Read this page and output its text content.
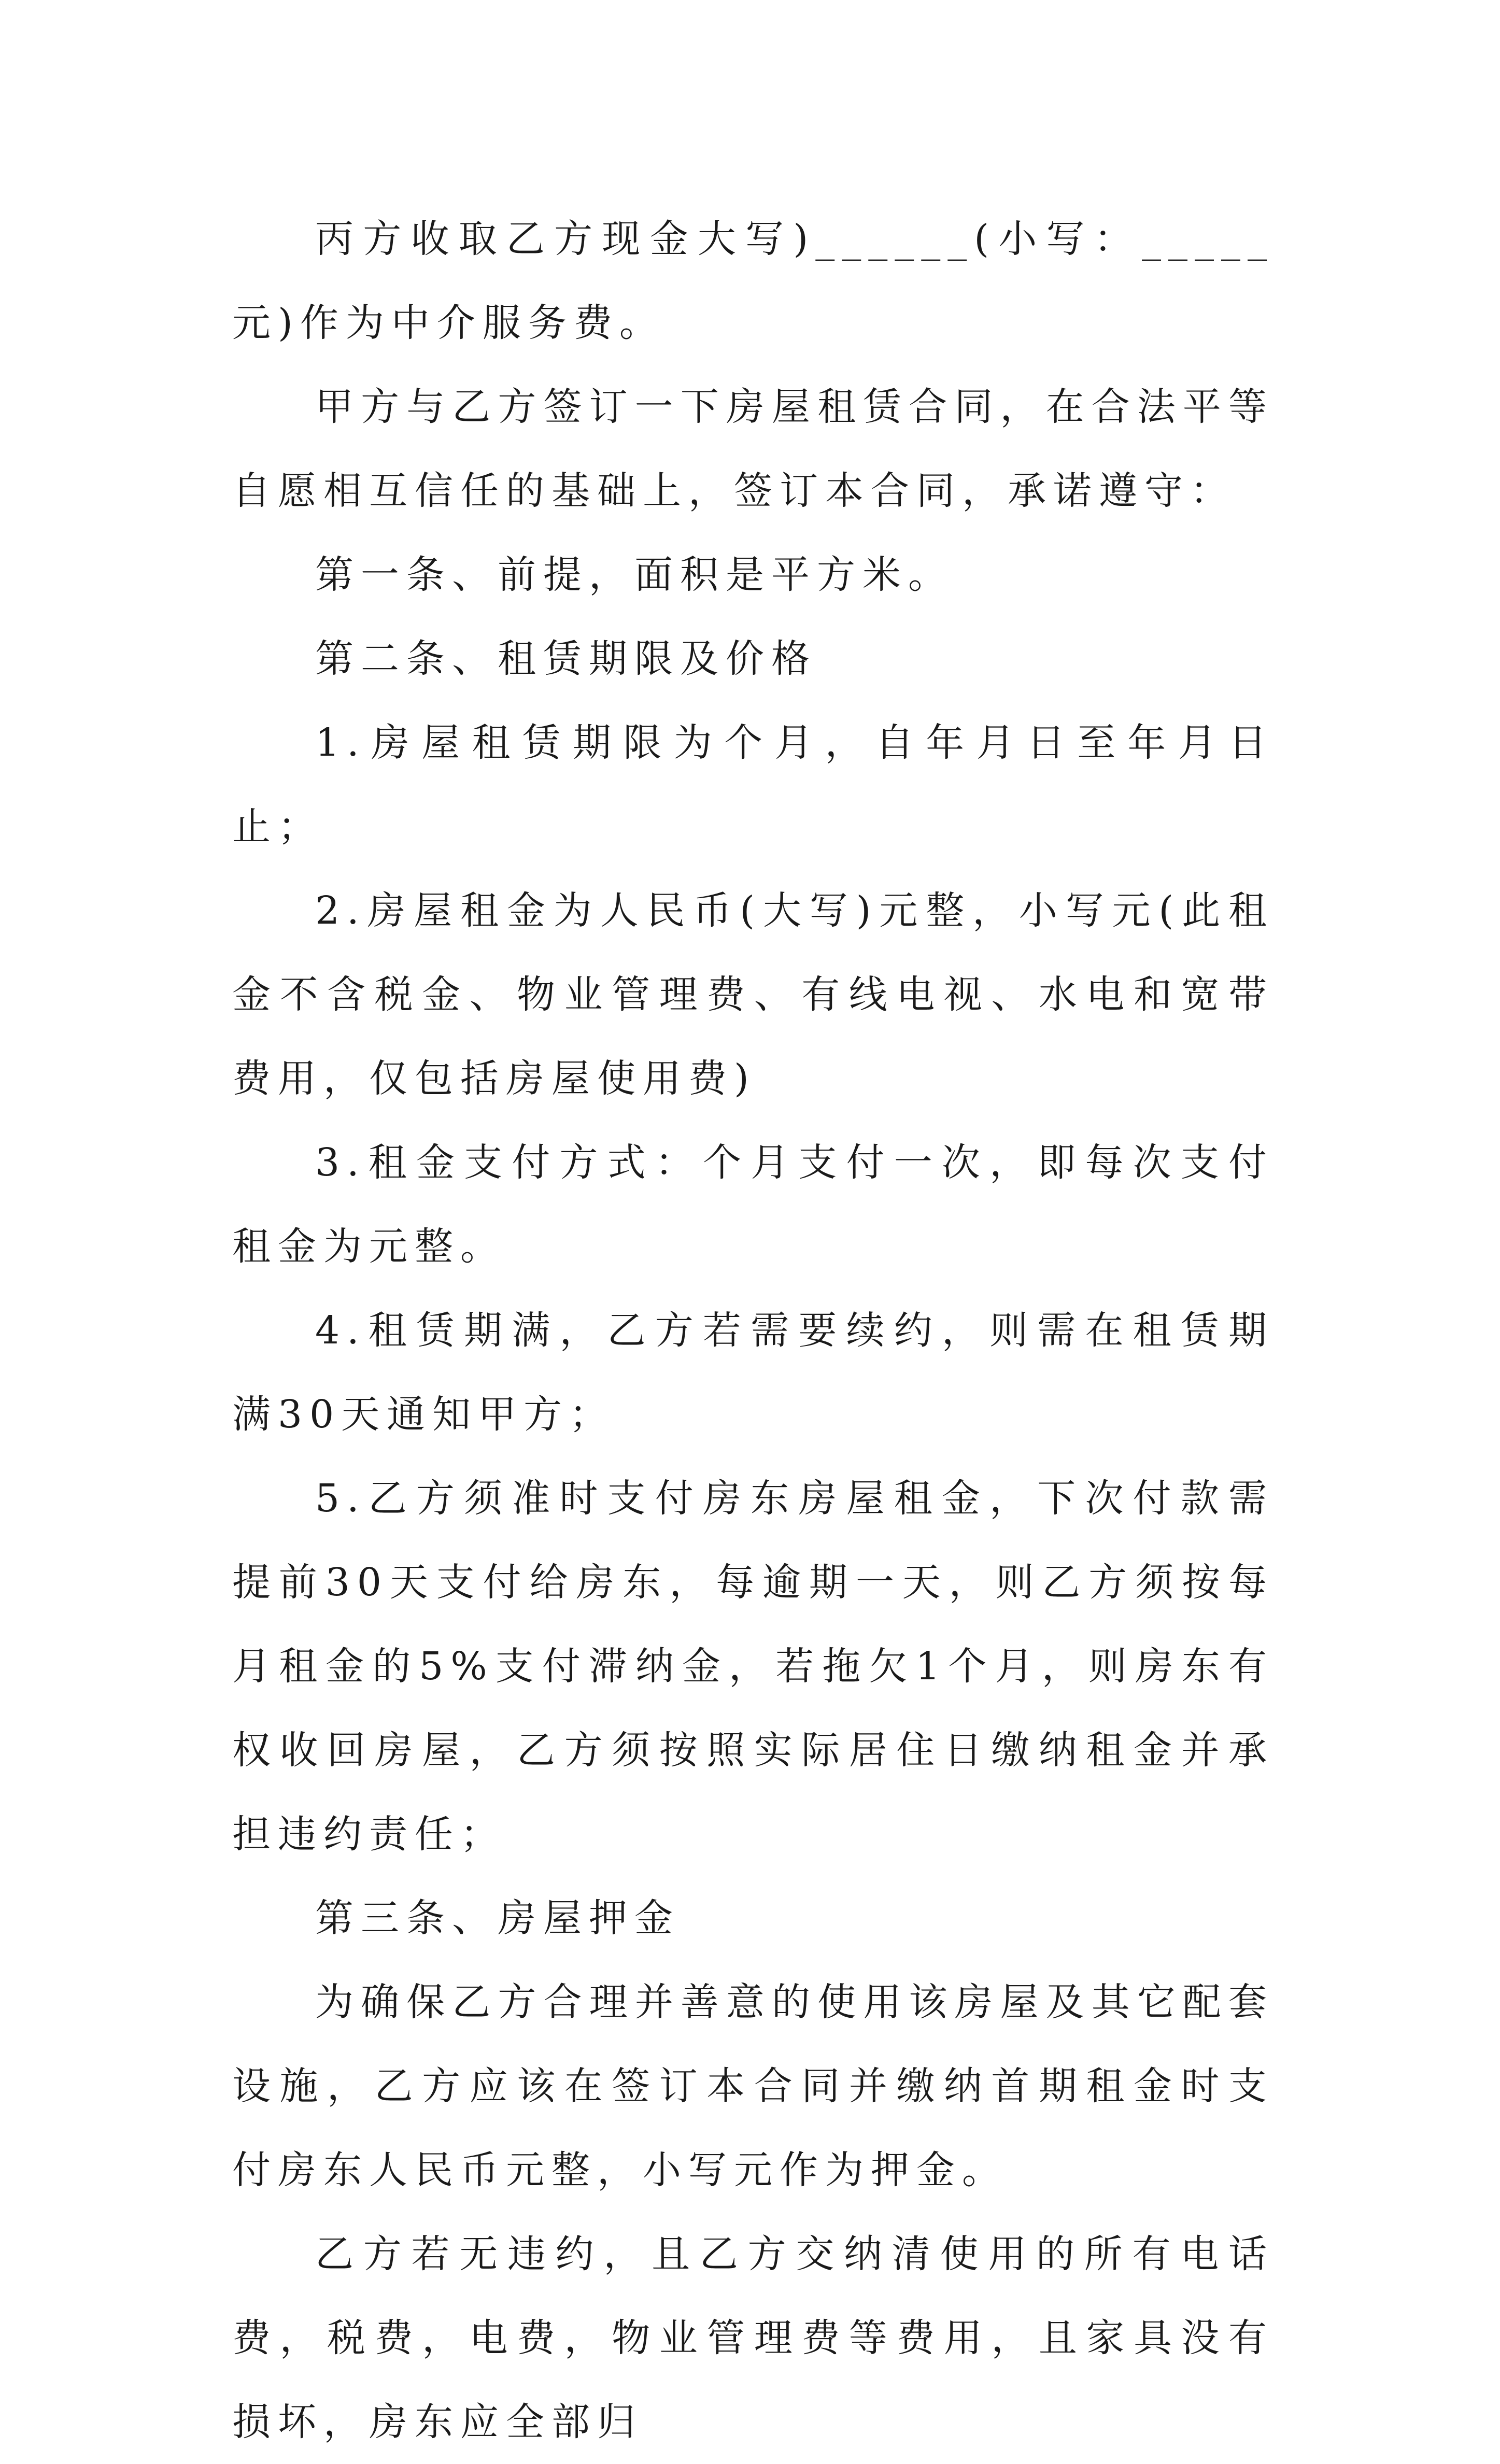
丙方收取乙方现金大写)______(小写：_____元)作为中介服务费。

甲方与乙方签订一下房屋租赁合同，在合法平等自愿相互信任的基础上，签订本合同，承诺遵守：

第一条、前提，面积是平方米。

第二条、租赁期限及价格

1.房屋租赁期限为个月，自年月日至年月日止；

2.房屋租金为人民币(大写)元整，小写元(此租金不含税金、物业管理费、有线电视、水电和宽带费用，仅包括房屋使用费)

3.租金支付方式：个月支付一次，即每次支付租金为元整。

4.租赁期满，乙方若需要续约，则需在租赁期满30天通知甲方；

5.乙方须准时支付房东房屋租金，下次付款需提前30天支付给房东，每逾期一天，则乙方须按每月租金的5%支付滞纳金，若拖欠1个月，则房东有权收回房屋，乙方须按照实际居住日缴纳租金并承担违约责任；

第三条、房屋押金

为确保乙方合理并善意的使用该房屋及其它配套设施，乙方应该在签订本合同并缴纳首期租金时支付房东人民币元整，小写元作为押金。

乙方若无违约，且乙方交纳清使用的所有电话费，税费，电费，物业管理费等费用，且家具没有损坏，房东应全部归
